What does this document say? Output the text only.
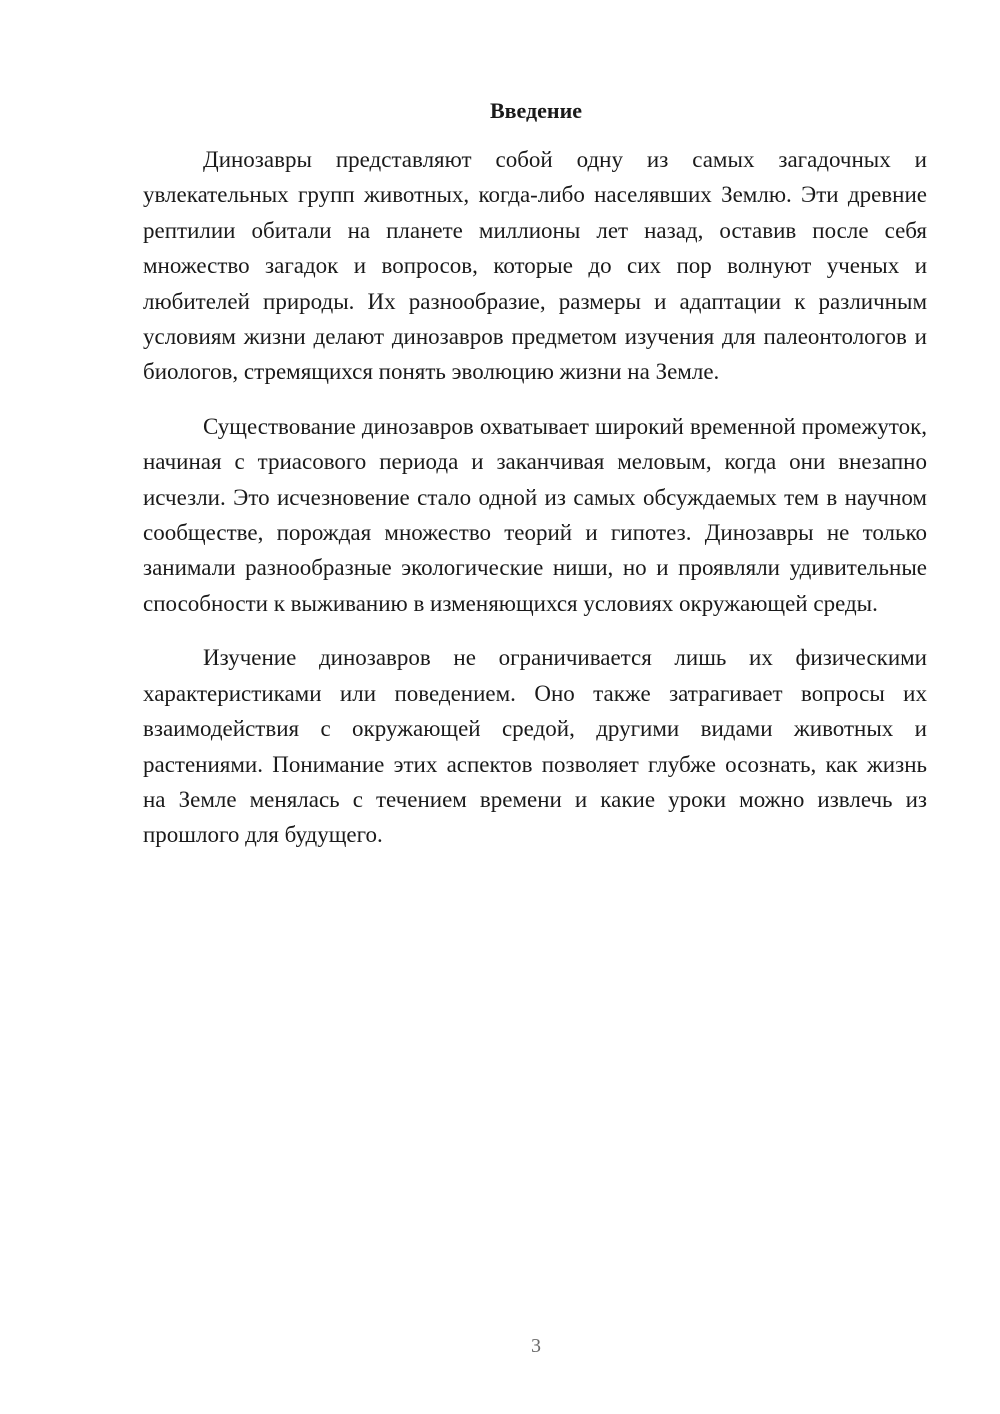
Введение

Динозавры представляют собой одну из самых загадочных и увлекательных групп животных, когда-либо населявших Землю. Эти древние рептилии обитали на планете миллионы лет назад, оставив после себя множество загадок и вопросов, которые до сих пор волнуют ученых и любителей природы. Их разнообразие, размеры и адаптации к различным условиям жизни делают динозавров предметом изучения для палеонтологов и биологов, стремящихся понять эволюцию жизни на Земле.

Существование динозавров охватывает широкий временной промежуток, начиная с триасового периода и заканчивая меловым, когда они внезапно исчезли. Это исчезновение стало одной из самых обсуждаемых тем в научном сообществе, порождая множество теорий и гипотез. Динозавры не только занимали разнообразные экологические ниши, но и проявляли удивительные способности к выживанию в изменяющихся условиях окружающей среды.

Изучение динозавров не ограничивается лишь их физическими характеристиками или поведением. Оно также затрагивает вопросы их взаимодействия с окружающей средой, другими видами животных и растениями. Понимание этих аспектов позволяет глубже осознать, как жизнь на Земле менялась с течением времени и какие уроки можно извлечь из прошлого для будущего.

3
